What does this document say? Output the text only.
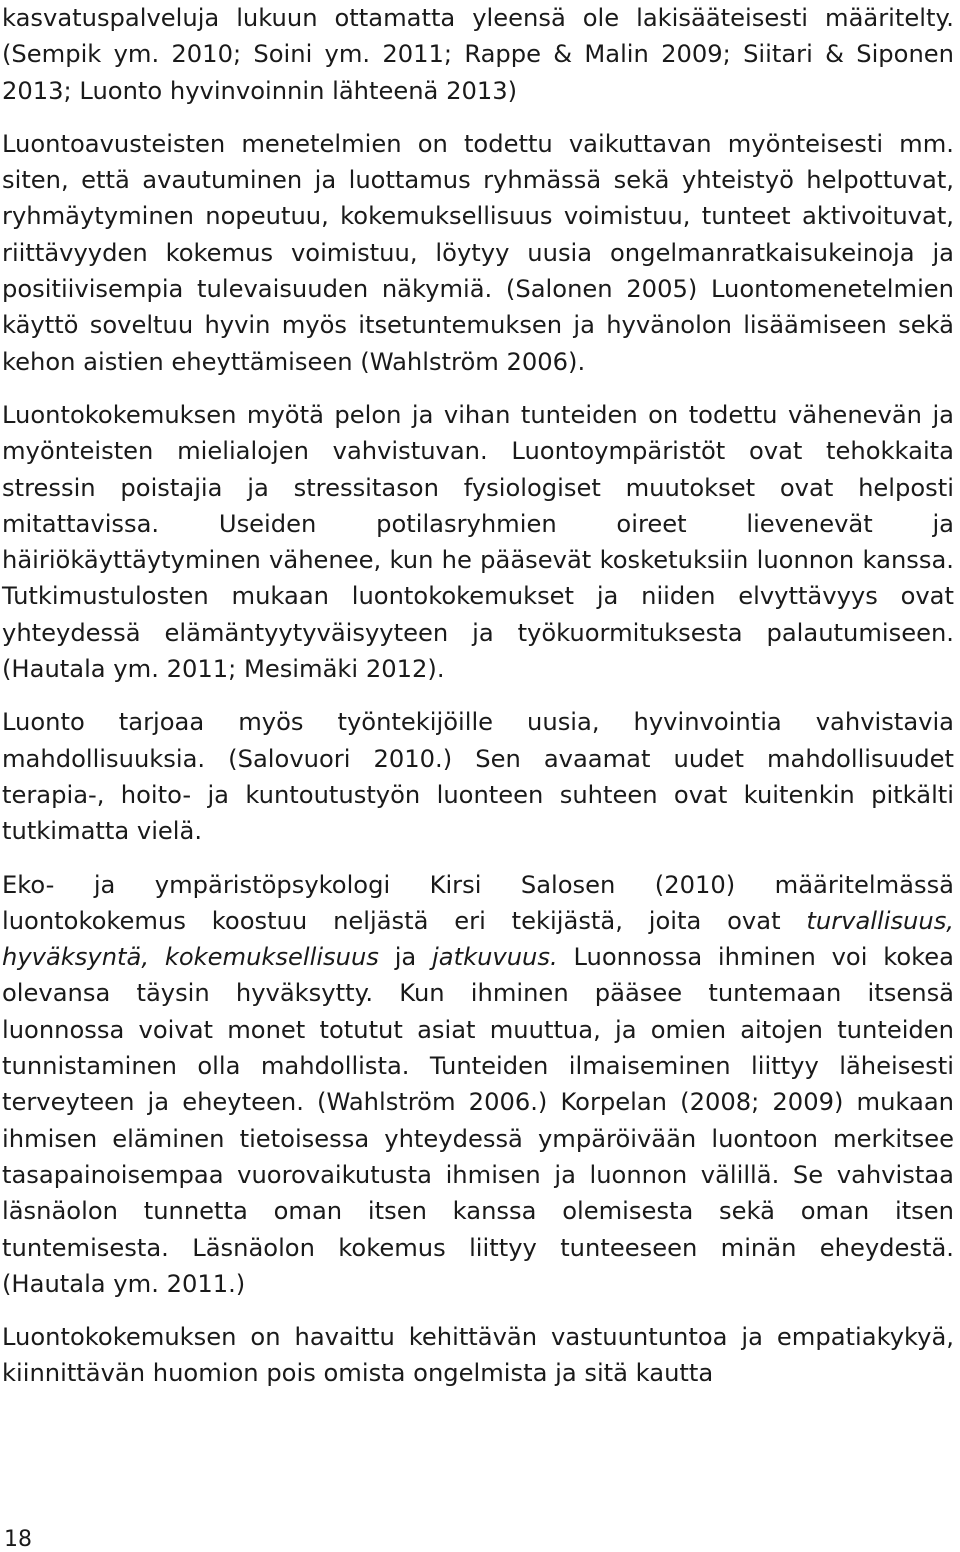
kasvatuspalveluja lukuun ottamatta yleensä ole lakisääteisesti määritelty. (Sempik ym. 2010; Soini ym. 2011; Rappe & Malin 2009; Siitari & Siponen 2013; Luonto hyvinvoinnin lähteenä 2013)

Luontoavusteisten menetelmien on todettu vaikuttavan myönteisesti mm. siten, että avautuminen ja luottamus ryhmässä sekä yhteistyö helpottuvat, ryhmäytyminen nopeutuu, kokemuksellisuus voimistuu, tunteet aktivoituvat, riittävyyden kokemus voimistuu, löytyy uusia ongelmanratkaisukeinoja ja positiivisempia tulevaisuuden näkymiä. (Salonen 2005) Luontomenetelmien käyttö soveltuu hyvin myös itsetuntemuksen ja hyvänolon lisäämiseen sekä kehon aistien eheyttämiseen (Wahlström 2006).

Luontokokemuksen myötä pelon ja vihan tunteiden on todettu vähenevän ja myönteisten mielialojen vahvistuvan. Luontoympäristöt ovat tehokkaita stressin poistajia ja stressitason fysiologiset muutokset ovat helposti mitattavissa. Useiden potilasryhmien oireet lievenevät ja häiriökäyttäytyminen vähenee, kun he pääsevät kosketuksiin luonnon kanssa. Tutkimustulosten mukaan luontokokemukset ja niiden elvyttävyys ovat yhteydessä elämäntyytyväisyyteen ja työkuormituksesta palautumiseen. (Hautala ym. 2011; Mesimäki 2012).

Luonto tarjoaa myös työntekijöille uusia, hyvinvointia vahvistavia mahdollisuuksia. (Salovuori 2010.) Sen avaamat uudet mahdollisuudet terapia-, hoito- ja kuntoutustyön luonteen suhteen ovat kuitenkin pitkälti tutkimatta vielä.

Eko- ja ympäristöpsykologi Kirsi Salosen (2010) määritelmässä luontokokemus koostuu neljästä eri tekijästä, joita ovat turvallisuus, hyväksyntä, kokemuksellisuus ja jatkuvuus. Luonnossa ihminen voi kokea olevansa täysin hyväksytty. Kun ihminen pääsee tuntemaan itsensä luonnossa voivat monet totutut asiat muuttua, ja omien aitojen tunteiden tunnistaminen olla mahdollista. Tunteiden ilmaiseminen liittyy läheisesti terveyteen ja eheyteen. (Wahlström 2006.) Korpelan (2008; 2009) mukaan ihmisen eläminen tietoisessa yhteydessä ympäröivään luontoon merkitsee tasapainoisempaa vuorovaikutusta ihmisen ja luonnon välillä. Se vahvistaa läsnäolon tunnetta oman itsen kanssa olemisesta sekä oman itsen tuntemisesta. Läsnäolon kokemus liittyy tunteeseen minän eheydestä. (Hautala ym. 2011.)

Luontokokemuksen on havaittu kehittävän vastuuntuntoa ja empatiakykyä, kiinnittävän huomion pois omista ongelmista ja sitä kautta

18
